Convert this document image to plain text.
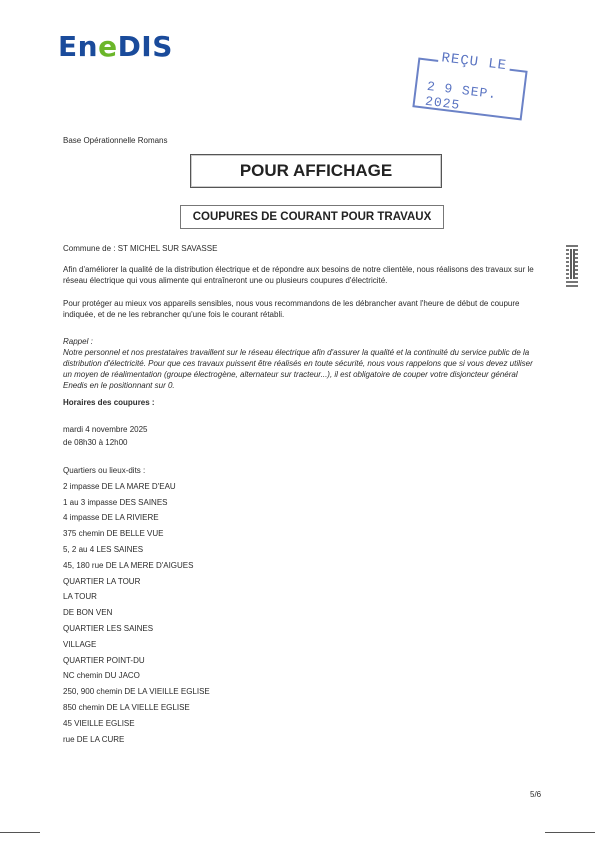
EneDIS	REÇU LE
2 9 SEP. 2025
Base Opérationnelle Romans
POUR AFFICHAGE
COUPURES DE COURANT POUR TRAVAUX
Commune de : ST MICHEL SUR SAVASSE
Afin d'améliorer la qualité de la distribution électrique et de répondre aux besoins de notre clientèle, nous réalisons des travaux sur le réseau électrique qui vous alimente qui entraîneront une ou plusieurs coupures d'électricité.
Pour protéger au mieux vos appareils sensibles, nous vous recommandons de les débrancher avant l'heure de début de coupure indiquée, et de ne les rebrancher qu'une fois le courant rétabli.
Rappel :
Notre personnel et nos prestataires travaillent sur le réseau électrique afin d'assurer la qualité et la continuité du service public de la distribution d'électricité. Pour que ces travaux puissent être réalisés en toute sécurité, nous vous rappelons que si vous devez utiliser un moyen de réalimentation (groupe électrogène, alternateur sur tracteur...), il est obligatoire de couper votre disjoncteur général Enedis en le positionnant sur 0.
Horaires des coupures :
mardi 4 novembre 2025
de 08h30 à 12h00
Quartiers ou lieux-dits :
2 impasse DE LA MARE D'EAU
1 au 3 impasse DES SAINES
4 impasse DE LA RIVIERE
375 chemin DE BELLE VUE
5, 2 au 4 LES SAINES
45, 180 rue DE LA MERE D'AIGUES
QUARTIER LA TOUR
LA TOUR
DE BON VEN
QUARTIER LES SAINES
VILLAGE
QUARTIER POINT-DU
NC chemin DU JACO
250, 900 chemin DE LA VIEILLE EGLISE
850 chemin DE LA VIELLE EGLISE
45 VIEILLE EGLISE
rue DE LA CURE
5/6
